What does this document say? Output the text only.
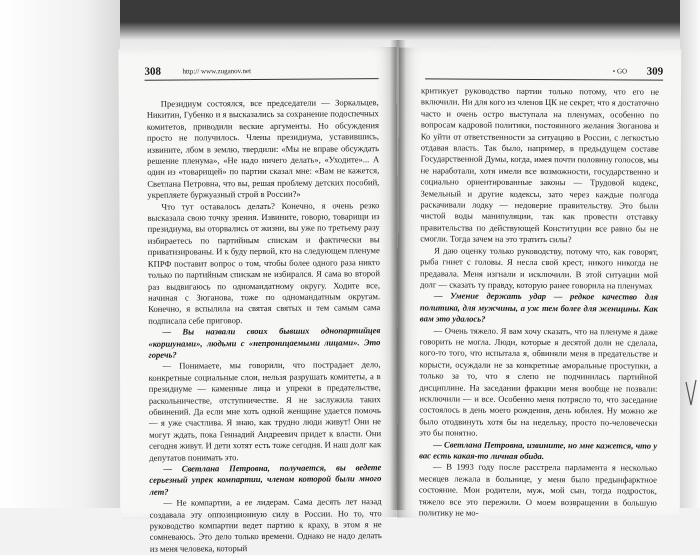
308	http:// www.zuganov.net

Президиум состоялся, все председатели — Зоркальцев, Никитин, Губенко и я высказались за сохранение подоспечных комитетов, приводили веские аргументы. Но обсуждения просто не получилось. Члены президиума, уставившись, извините, лбом в землю, твердили: «Мы не вправе обсуждать решение пленума», «Не надо ничего делать», «Уходите»... А один из «товарищей» по партии сказал мне: «Вам не кажется, Светлана Петровна, что вы, решая проблему детских пособий, укрепляете буржуазный строй в России?»

Что тут оставалось делать? Конечно, я очень резко высказала свою точку зрения. Извините, говорю, товарищи из президиума, вы оторвались от жизни, вы уже по третьему разу избираетесь по партийным спискам и фактически вы приватизированы. И к буду первой, кто на следующем пленуме КПРФ поставит вопрос о том, чтобы более одного раза никто только по партийным спискам не избирался. Я сама во второй раз выдвигаюсь по одномандатному округу. Ходите все, начиная с Зюганова, тоже по одномандатным округам. Конечно, я вспылила на святая святых и тем самым сама подписала себе приговор.

— Вы назвали своих бывших однопартийцев «коршунами», людьми с «непроницаемыми лицами». Это горечь?

— Понимаете, мы говорили, что пострадает дело, конкретные социальные слои, нельзя разрушать комитеты, а в президиуме — каменные лица и упреки в предательстве, раскольничестве, отступничестве. Я не заслужила таких обвинений. Да если мне хоть одной женщине удается помочь — я уже счастлива. Я знаю, как трудно люди живут! Они не могут ждать, пока Геннадий Андреевич придет к власти. Они сегодня живут. И дети хотят есть тоже сегодня. И наш долг как депутатов понимать это.

— Светлана Петровна, получается, вы ведете серьезный упрек компартии, членом которой были много лет?

— Не компартии, а ее лидерам. Сама десять лет назад создавала эту оппозиционную силу в России. Но то, что руководство компартии ведет партию к краху, в этом я не сомневаюсь. Это дело только времени. Однако не надо делать из меня человека, который

• GO 309

критикует руководство партии только потому, что его не включили. Ни для кого из членов ЦК не секрет, что я достаточно часто и очень остро выступала на пленумах, особенно по вопросам кадровой политики, постоянного желания Зюганова и Ко уйти от ответственности за ситуацию в России, с легкостью отдавая власть. Так было, например, в предыдущем составе Государственной Думы, когда, имея почти половину голосов, мы не наработали, хотя имели все возможности, государственно и социально ориентированные законы — Трудовой кодекс, Земельный и другие кодексы, зато через каждые полгода раскачивали лодку — недоверие правительству. Это были чистой воды манипуляции, так как провести отставку правительства по действующей Конституции все равно бы не смогли. Тогда зачем на это тратить силы?

Я даю оценку только руководству, потому что, как говорят, рыба гниет с головы. Я несла свой крест, никого никогда не предавала. Меня изгнали и исключили. В этой ситуации мой долг — сказать ту правду, которую ранее говорила на пленумах

— Умение держать удар — редкое качество для политика, для мужчины, а уж тем более для женщины. Как вам это удалось?

— Очень тяжело. Я вам хочу сказать, что на пленуме я даже говорить не могла. Люди, которые я десятой доли не сделала, кого-то того, что испытала я, обвиняли меня в предательстве и корысти, осуждали не за конкретные аморальные проступки, а только за то, что я слепо не подчинилась партийной дисциплине. На заседании фракции меня вообще не позвали: исключили — и все. Особенно меня потрясло то, что заседание состоялось в день моего рождения, день юбилея. Ну можно же было отодвинуть хотя бы на недельку, просто по-человечески это бы понятно.

— Светлана Петровна, извините, но мне кажется, что у вас есть какая-то личная обида.

— В 1993 году после расстрела парламента я несколько месяцев лежала в больнице, у меня было предынфарктное состояние. Мои родители, муж, мой сын, тогда подросток, тяжело все это пережили. О моем возвращении в большую политику не мо-
